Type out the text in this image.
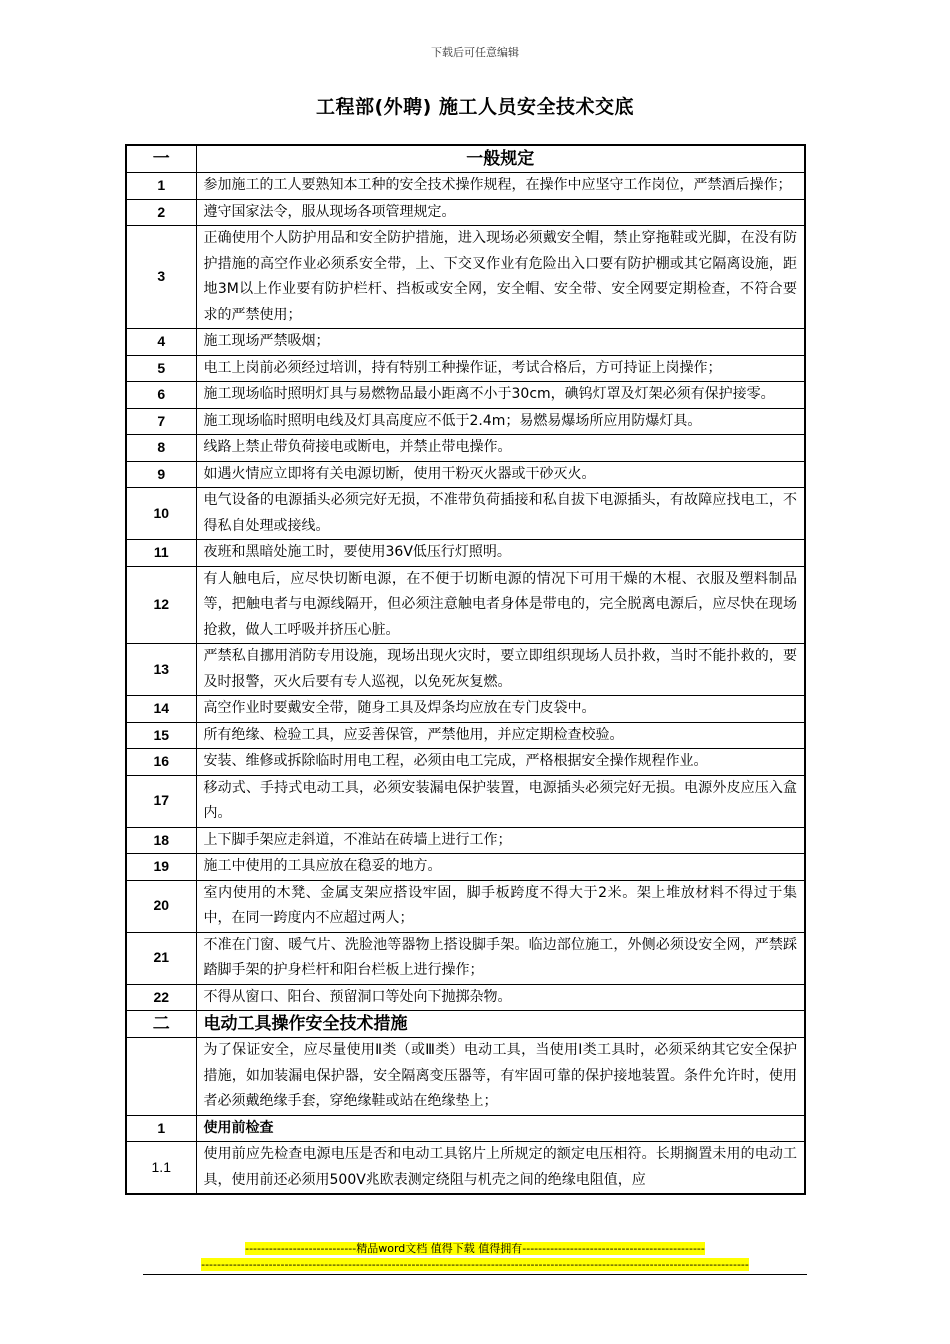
下载后可任意编辑
工程部(外聘) 施工人员安全技术交底
一	一般规定
1	参加施工的工人要熟知本工种的安全技术操作规程，在操作中应坚守工作岗位，严禁酒后操作；
2	遵守国家法令，服从现场各项管理规定。
3	正确使用个人防护用品和安全防护措施，进入现场必须戴安全帽，禁止穿拖鞋或光脚，在没有防护措施的高空作业必须系安全带，上、下交叉作业有危险出入口要有防护棚或其它隔离设施，距地3M以上作业要有防护栏杆、挡板或安全网，安全帽、安全带、安全网要定期检查，不符合要求的严禁使用；
4	施工现场严禁吸烟；
5	电工上岗前必须经过培训，持有特别工种操作证，考试合格后，方可持证上岗操作；
6	施工现场临时照明灯具与易燃物品最小距离不小于30cm，碘钨灯罩及灯架必须有保护接零。
7	施工现场临时照明电线及灯具高度应不低于2.4m；易燃易爆场所应用防爆灯具。
8	线路上禁止带负荷接电或断电，并禁止带电操作。
9	如遇火情应立即将有关电源切断，使用干粉灭火器或干砂灭火。
10	电气设备的电源插头必须完好无损，不准带负荷插接和私自拔下电源插头，有故障应找电工，不得私自处理或接线。
11	夜班和黑暗处施工时，要使用36V低压行灯照明。
12	有人触电后，应尽快切断电源，在不便于切断电源的情况下可用干燥的木棍、衣服及塑料制品等，把触电者与电源线隔开，但必须注意触电者身体是带电的，完全脱离电源后，应尽快在现场抢救，做人工呼吸并挤压心脏。
13	严禁私自挪用消防专用设施，现场出现火灾时，要立即组织现场人员扑救，当时不能扑救的，要及时报警，灭火后要有专人巡视，以免死灰复燃。
14	高空作业时要戴安全带，随身工具及焊条均应放在专门皮袋中。
15	所有绝缘、检验工具，应妥善保管，严禁他用，并应定期检查校验。
16	安装、维修或拆除临时用电工程，必须由电工完成，严格根据安全操作规程作业。
17	移动式、手持式电动工具，必须安装漏电保护装置，电源插头必须完好无损。电源外皮应压入盒内。
18	上下脚手架应走斜道，不准站在砖墙上进行工作；
19	施工中使用的工具应放在稳妥的地方。
20	室内使用的木凳、金属支架应搭设牢固，脚手板跨度不得大于2米。架上堆放材料不得过于集中，在同一跨度内不应超过两人；
21	不准在门窗、暖气片、洗脸池等器物上搭设脚手架。临边部位施工，外侧必须设安全网，严禁踩踏脚手架的护身栏杆和阳台栏板上进行操作；
22	不得从窗口、阳台、预留洞口等处向下抛掷杂物。
二	电动工具操作安全技术措施
	为了保证安全，应尽量使用Ⅱ类（或Ⅲ类）电动工具，当使用Ⅰ类工具时，必须采纳其它安全保护措施，如加装漏电保护器，安全隔离变压器等，有牢固可靠的保护接地装置。条件允许时，使用者必须戴绝缘手套，穿绝缘鞋或站在绝缘垫上；
1	使用前检查
1.1	使用前应先检查电源电压是否和电动工具铭片上所规定的额定电压相符。长期搁置未用的电动工具，使用前还必须用500V兆欧表测定绕阻与机壳之间的绝缘电阻值，应
----------------------------精品word文档 值得下载 值得拥有----------------------------------------------
------------------------------------------------------------------------------------------------------------------------------------------
